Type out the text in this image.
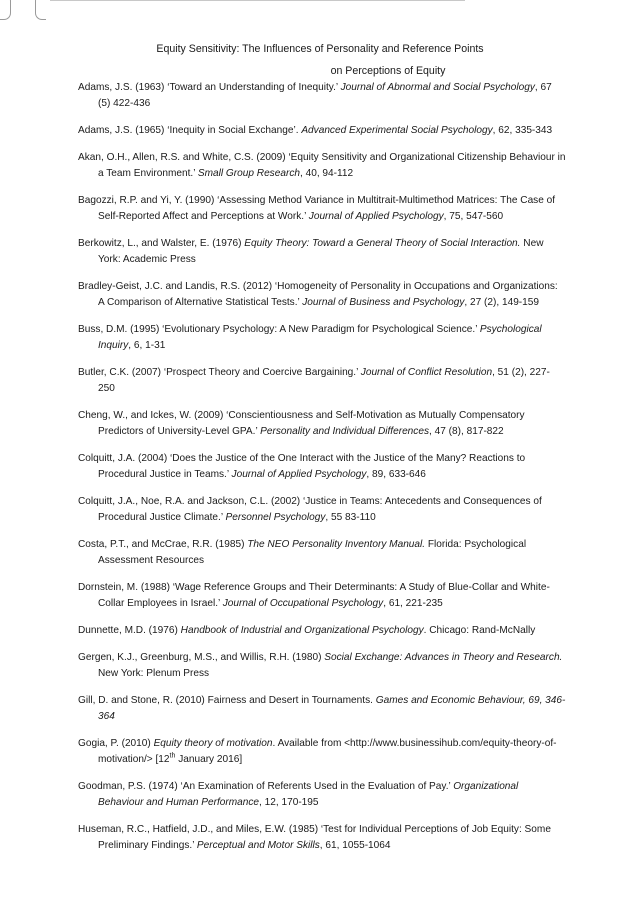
Equity Sensitivity: The Influences of Personality and Reference Points
on Perceptions of Equity

Adams, J.S. (1963) ‘Toward an Understanding of Inequity.’ Journal of Abnormal and Social Psychology, 67 (5) 422-436

Adams, J.S. (1965) ‘Inequity in Social Exchange’. Advanced Experimental Social Psychology, 62, 335-343

Akan, O.H., Allen, R.S. and White, C.S. (2009) ‘Equity Sensitivity and Organizational Citizenship Behaviour in a Team Environment.’ Small Group Research, 40, 94-112

Bagozzi, R.P. and Yi, Y. (1990) ‘Assessing Method Variance in Multitrait-Multimethod Matrices: The Case of Self-Reported Affect and Perceptions at Work.’ Journal of Applied Psychology, 75, 547-560

Berkowitz, L., and Walster, E. (1976) Equity Theory: Toward a General Theory of Social Interaction. New York: Academic Press

Bradley-Geist, J.C. and Landis, R.S. (2012) ‘Homogeneity of Personality in Occupations and Organizations: A Comparison of Alternative Statistical Tests.’ Journal of Business and Psychology, 27 (2), 149-159

Buss, D.M. (1995) ‘Evolutionary Psychology: A New Paradigm for Psychological Science.’ Psychological Inquiry, 6, 1-31

Butler, C.K. (2007) ‘Prospect Theory and Coercive Bargaining.’ Journal of Conflict Resolution, 51 (2), 227-250

Cheng, W., and Ickes, W. (2009) ‘Conscientiousness and Self-Motivation as Mutually Compensatory Predictors of University-Level GPA.’ Personality and Individual Differences, 47 (8), 817-822

Colquitt, J.A. (2004) ‘Does the Justice of the One Interact with the Justice of the Many? Reactions to Procedural Justice in Teams.’ Journal of Applied Psychology, 89, 633-646

Colquitt, J.A., Noe, R.A. and Jackson, C.L. (2002) ‘Justice in Teams: Antecedents and Consequences of Procedural Justice Climate.’ Personnel Psychology, 55 83-110

Costa, P.T., and McCrae, R.R. (1985) The NEO Personality Inventory Manual. Florida: Psychological Assessment Resources

Dornstein, M. (1988) ‘Wage Reference Groups and Their Determinants: A Study of Blue-Collar and White-Collar Employees in Israel.’ Journal of Occupational Psychology, 61, 221-235

Dunnette, M.D. (1976) Handbook of Industrial and Organizational Psychology. Chicago: Rand-McNally

Gergen, K.J., Greenburg, M.S., and Willis, R.H. (1980) Social Exchange: Advances in Theory and Research. New York: Plenum Press

Gill, D. and Stone, R. (2010) Fairness and Desert in Tournaments. Games and Economic Behaviour, 69, 346-364

Gogia, P. (2010) Equity theory of motivation. Available from <http://www.businessihub.com/equity-theory-of-motivation/> [12th January 2016]

Goodman, P.S. (1974) ‘An Examination of Referents Used in the Evaluation of Pay.’ Organizational Behaviour and Human Performance, 12, 170-195

Huseman, R.C., Hatfield, J.D., and Miles, E.W. (1985) ‘Test for Individual Perceptions of Job Equity: Some Preliminary Findings.’ Perceptual and Motor Skills, 61, 1055-1064
